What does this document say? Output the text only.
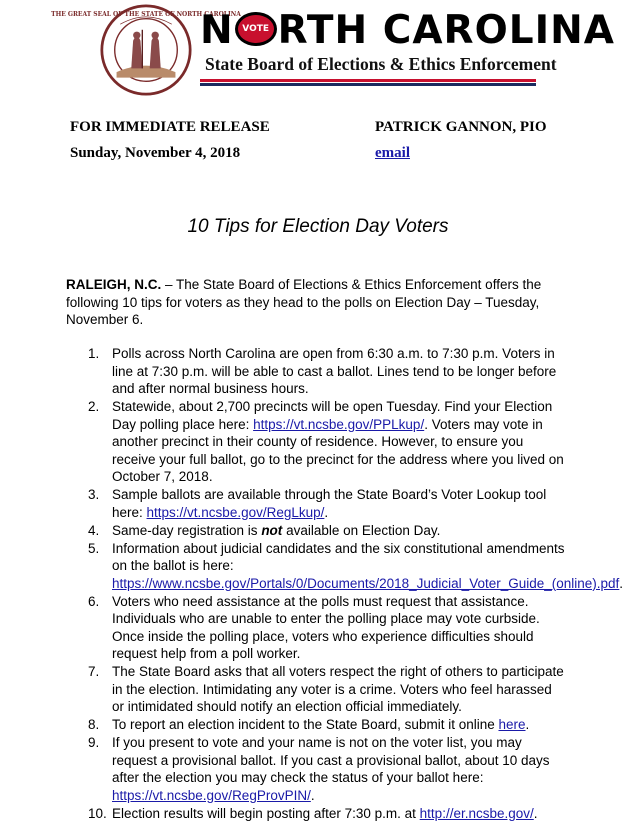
THE GREAT SEAL OF THE STATE OF NORTH CAROLINA
N VOTE RTH CAROLINA
State Board of Elections & Ethics Enforcement
FOR IMMEDIATE RELEASE
Sunday, November 4, 2018
PATRICK GANNON, PIO
email
10 Tips for Election Day Voters
RALEIGH, N.C. – The State Board of Elections & Ethics Enforcement offers the following 10 tips for voters as they head to the polls on Election Day – Tuesday, November 6.
1. Polls across North Carolina are open from 6:30 a.m. to 7:30 p.m. Voters in line at 7:30 p.m. will be able to cast a ballot. Lines tend to be longer before and after normal business hours.
2. Statewide, about 2,700 precincts will be open Tuesday. Find your Election Day polling place here: https://vt.ncsbe.gov/PPLkup/. Voters may vote in another precinct in their county of residence. However, to ensure you receive your full ballot, go to the precinct for the address where you lived on October 7, 2018.
3. Sample ballots are available through the State Board’s Voter Lookup tool here: https://vt.ncsbe.gov/RegLkup/.
4. Same-day registration is not available on Election Day.
5. Information about judicial candidates and the six constitutional amendments on the ballot is here: https://www.ncsbe.gov/Portals/0/Documents/2018_Judicial_Voter_Guide_(online).pdf.
6. Voters who need assistance at the polls must request that assistance. Individuals who are unable to enter the polling place may vote curbside. Once inside the polling place, voters who experience difficulties should request help from a poll worker.
7. The State Board asks that all voters respect the right of others to participate in the election. Intimidating any voter is a crime. Voters who feel harassed or intimidated should notify an election official immediately.
8. To report an election incident to the State Board, submit it online here.
9. If you present to vote and your name is not on the voter list, you may request a provisional ballot. If you cast a provisional ballot, about 10 days after the election you may check the status of your ballot here: https://vt.ncsbe.gov/RegProvPIN/.
10. Election results will begin posting after 7:30 p.m. at http://er.ncsbe.gov/.
